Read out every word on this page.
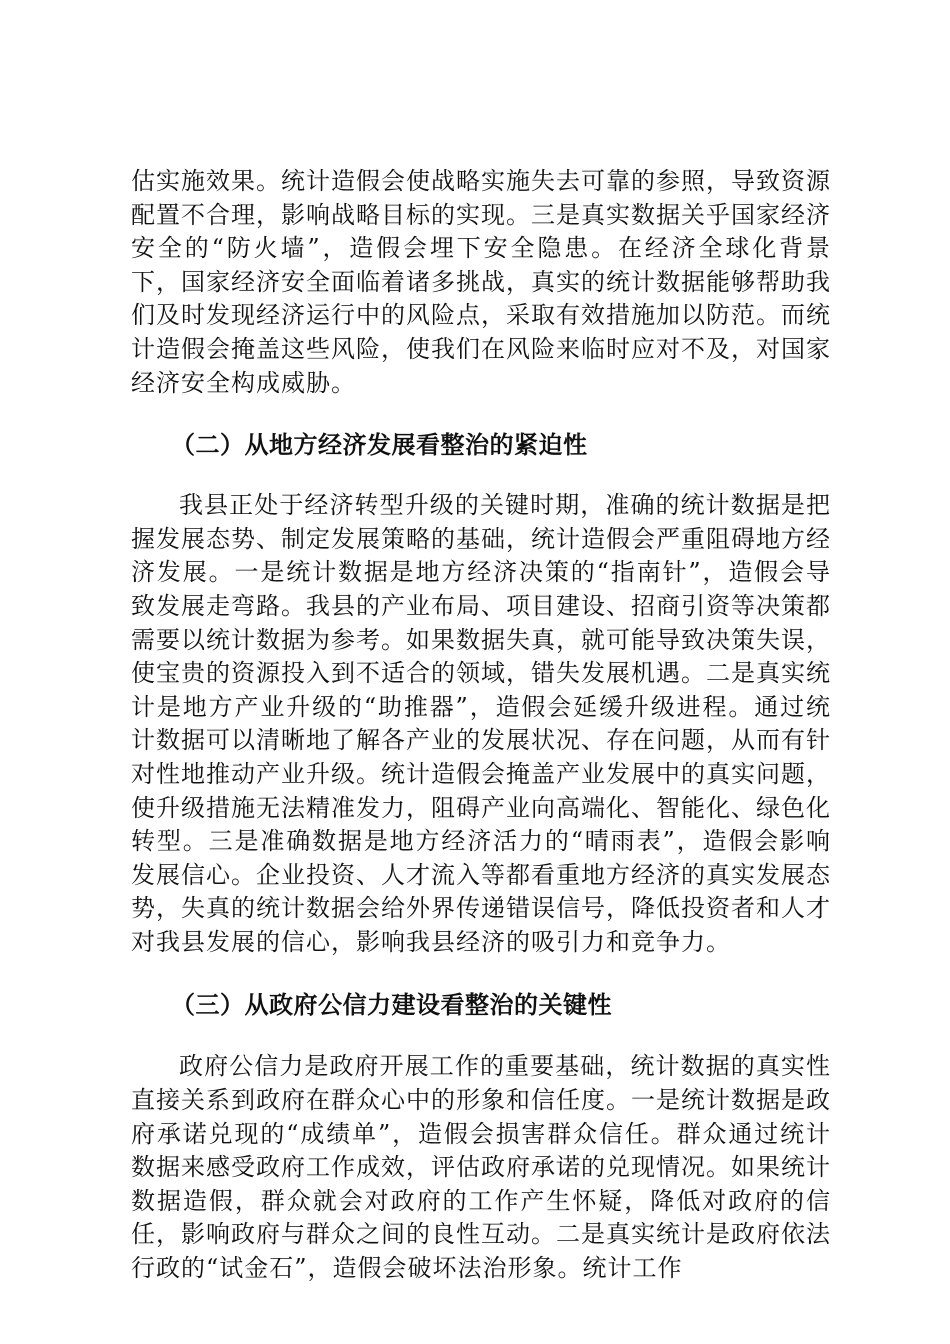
估实施效果。统计造假会使战略实施失去可靠的参照，导致资源配置不合理，影响战略目标的实现。三是真实数据关乎国家经济安全的“防火墙”，造假会埋下安全隐患。在经济全球化背景下，国家经济安全面临着诸多挑战，真实的统计数据能够帮助我们及时发现经济运行中的风险点，采取有效措施加以防范。而统计造假会掩盖这些风险，使我们在风险来临时应对不及，对国家经济安全构成威胁。

（二）从地方经济发展看整治的紧迫性

我县正处于经济转型升级的关键时期，准确的统计数据是把握发展态势、制定发展策略的基础，统计造假会严重阻碍地方经济发展。一是统计数据是地方经济决策的“指南针”，造假会导致发展走弯路。我县的产业布局、项目建设、招商引资等决策都需要以统计数据为参考。如果数据失真，就可能导致决策失误，使宝贵的资源投入到不适合的领域，错失发展机遇。二是真实统计是地方产业升级的“助推器”，造假会延缓升级进程。通过统计数据可以清晰地了解各产业的发展状况、存在问题，从而有针对性地推动产业升级。统计造假会掩盖产业发展中的真实问题，使升级措施无法精准发力，阻碍产业向高端化、智能化、绿色化转型。三是准确数据是地方经济活力的“晴雨表”，造假会影响发展信心。企业投资、人才流入等都看重地方经济的真实发展态势，失真的统计数据会给外界传递错误信号，降低投资者和人才对我县发展的信心，影响我县经济的吸引力和竞争力。

（三）从政府公信力建设看整治的关键性

政府公信力是政府开展工作的重要基础，统计数据的真实性直接关系到政府在群众心中的形象和信任度。一是统计数据是政府承诺兑现的“成绩单”，造假会损害群众信任。群众通过统计数据来感受政府工作成效，评估政府承诺的兑现情况。如果统计数据造假，群众就会对政府的工作产生怀疑，降低对政府的信任，影响政府与群众之间的良性互动。二是真实统计是政府依法行政的“试金石”，造假会破坏法治形象。统计工作
